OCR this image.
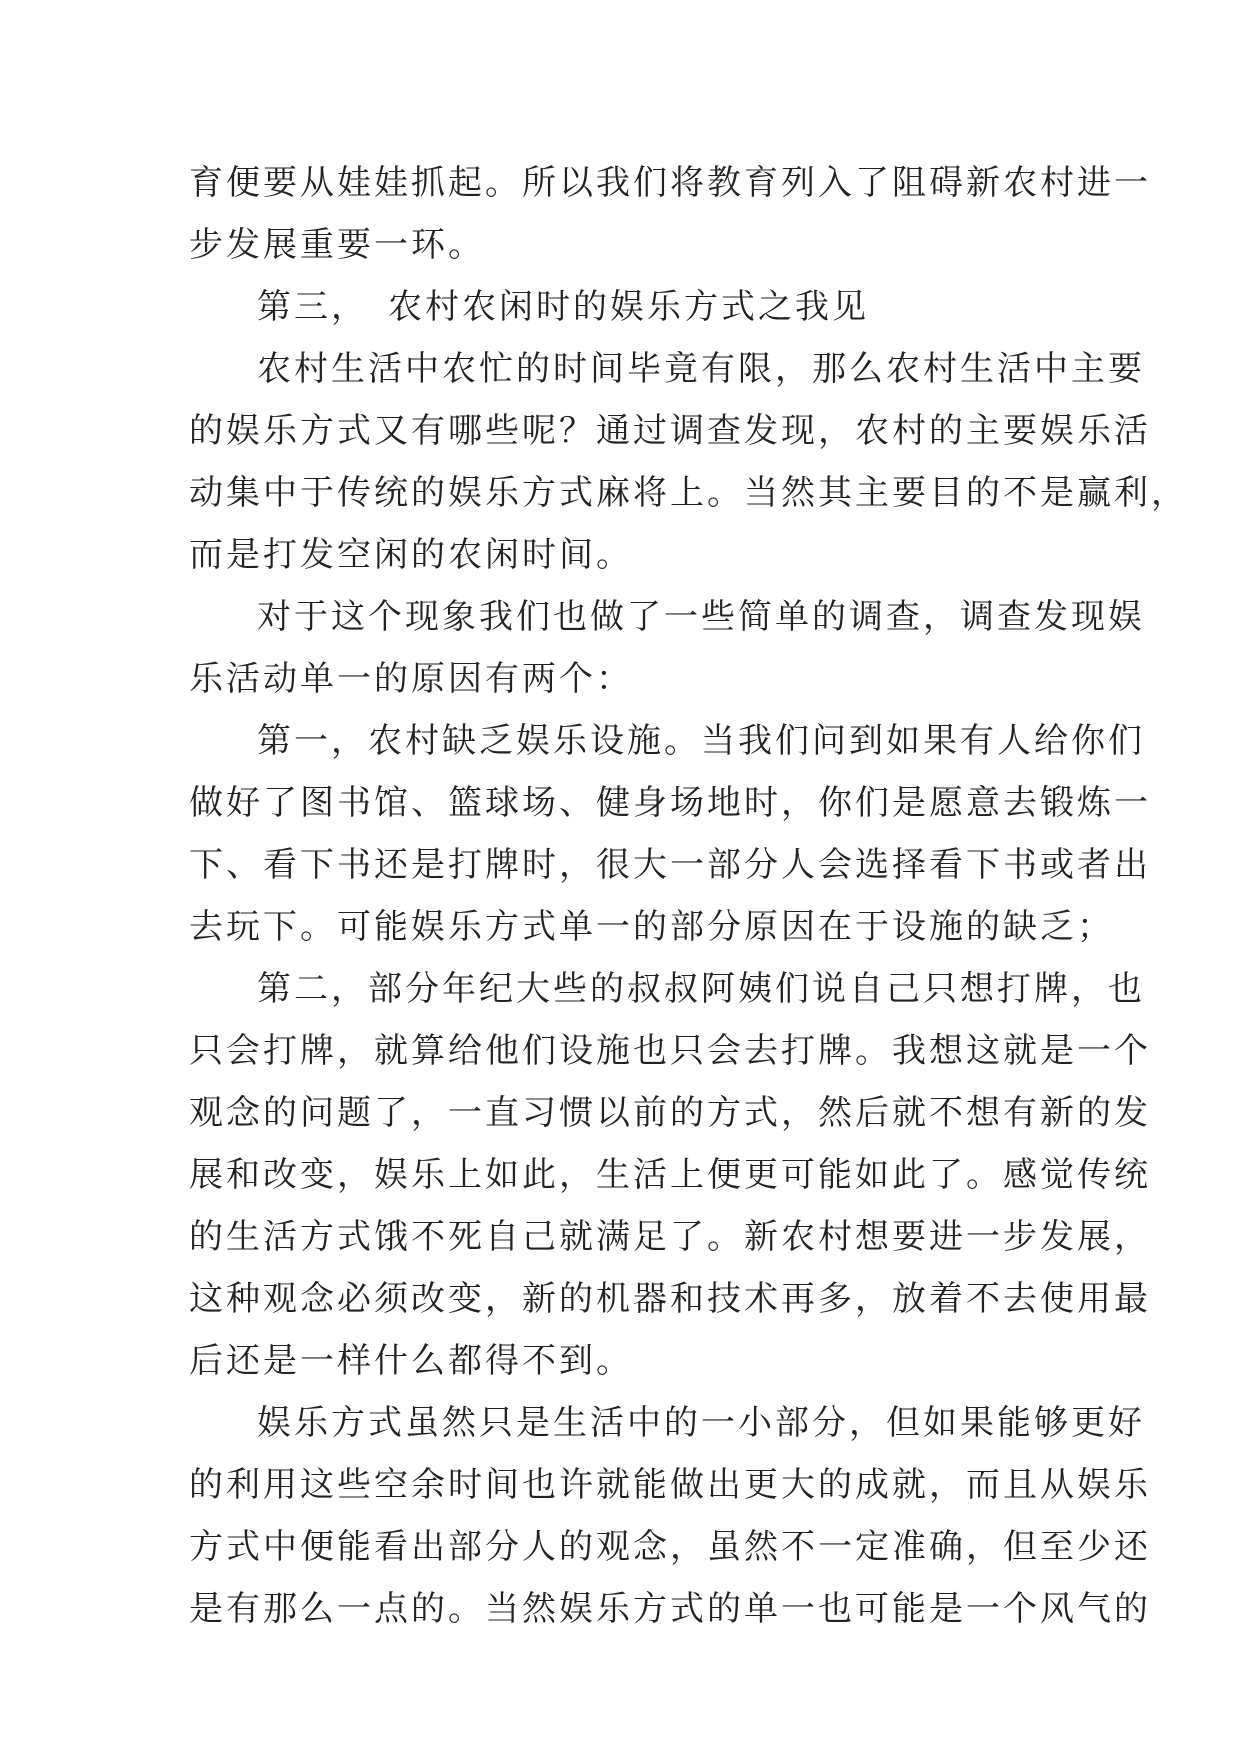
育便要从娃娃抓起。所以我们将教育列入了阻碍新农村进一
步发展重要一环。
第三，　农村农闲时的娱乐方式之我见
农村生活中农忙的时间毕竟有限，那么农村生活中主要
的娱乐方式又有哪些呢？通过调查发现，农村的主要娱乐活
动集中于传统的娱乐方式麻将上。当然其主要目的不是赢利，
而是打发空闲的农闲时间。
对于这个现象我们也做了一些简单的调查，调查发现娱
乐活动单一的原因有两个：
第一，农村缺乏娱乐设施。当我们问到如果有人给你们
做好了图书馆、篮球场、健身场地时，你们是愿意去锻炼一
下、看下书还是打牌时，很大一部分人会选择看下书或者出
去玩下。可能娱乐方式单一的部分原因在于设施的缺乏；
第二，部分年纪大些的叔叔阿姨们说自己只想打牌，也
只会打牌，就算给他们设施也只会去打牌。我想这就是一个
观念的问题了，一直习惯以前的方式，然后就不想有新的发
展和改变，娱乐上如此，生活上便更可能如此了。感觉传统
的生活方式饿不死自己就满足了。新农村想要进一步发展，
这种观念必须改变，新的机器和技术再多，放着不去使用最
后还是一样什么都得不到。
娱乐方式虽然只是生活中的一小部分，但如果能够更好
的利用这些空余时间也许就能做出更大的成就，而且从娱乐
方式中便能看出部分人的观念，虽然不一定准确，但至少还
是有那么一点的。当然娱乐方式的单一也可能是一个风气的
